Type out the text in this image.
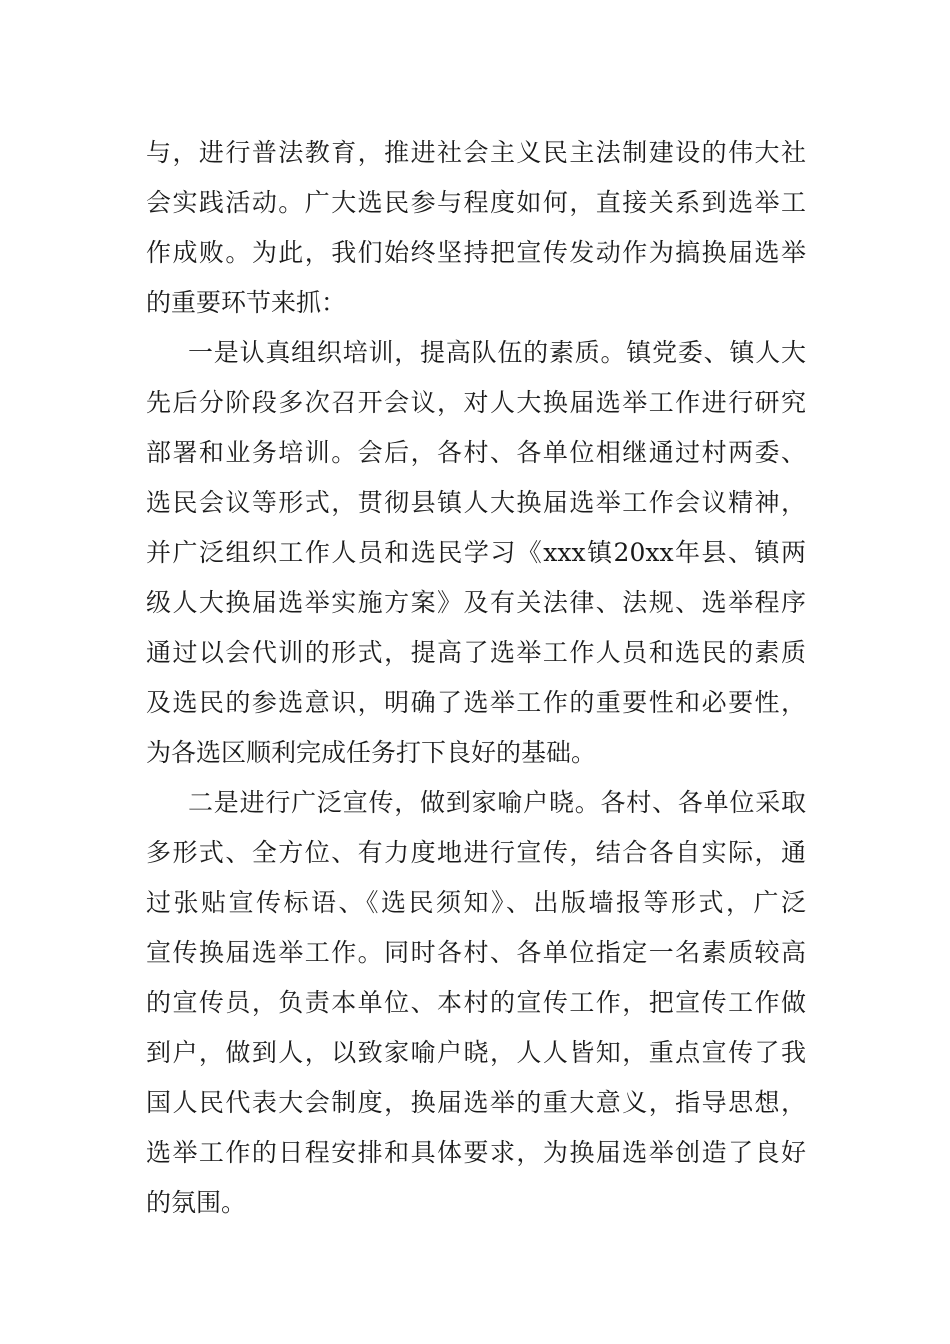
与，进行普法教育，推进社会主义民主法制建设的伟大社
会实践活动。广大选民参与程度如何，直接关系到选举工
作成败。为此，我们始终坚持把宣传发动作为搞换届选举
的重要环节来抓：
一是认真组织培训，提高队伍的素质。镇党委、镇人大
先后分阶段多次召开会议，对人大换届选举工作进行研究
部署和业务培训。会后，各村、各单位相继通过村两委、
选民会议等形式，贯彻县镇人大换届选举工作会议精神，
并广泛组织工作人员和选民学习《xxx镇20xx年县、镇两
级人大换届选举实施方案》及有关法律、法规、选举程序
通过以会代训的形式，提高了选举工作人员和选民的素质
及选民的参选意识，明确了选举工作的重要性和必要性，
为各选区顺利完成任务打下良好的基础。
二是进行广泛宣传，做到家喻户晓。各村、各单位采取
多形式、全方位、有力度地进行宣传，结合各自实际，通
过张贴宣传标语、《选民须知》、出版墙报等形式，广泛
宣传换届选举工作。同时各村、各单位指定一名素质较高
的宣传员，负责本单位、本村的宣传工作，把宣传工作做
到户，做到人，以致家喻户晓，人人皆知，重点宣传了我
国人民代表大会制度，换届选举的重大意义，指导思想，
选举工作的日程安排和具体要求，为换届选举创造了良好
的氛围。
